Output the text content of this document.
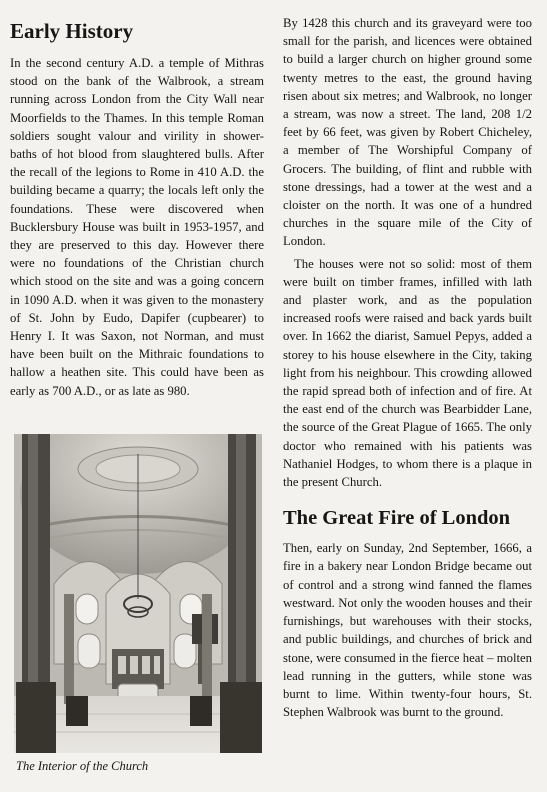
Early History

In the second century A.D. a temple of Mithras stood on the bank of the Walbrook, a stream running across London from the City Wall near Moorfields to the Thames. In this temple Roman soldiers sought valour and virility in shower-baths of hot blood from slaughtered bulls. After the recall of the legions to Rome in 410 A.D. the building became a quarry; the locals left only the foundations. These were discovered when Bucklersbury House was built in 1953-1957, and they are preserved to this day. However there were no foundations of the Christian church which stood on the site and was a going concern in 1090 A.D. when it was given to the monastery of St. John by Eudo, Dapifer (cupbearer) to Henry I. It was Saxon, not Norman, and must have been built on the Mithraic foundations to hallow a heathen site. This could have been as early as 700 A.D., or as late as 980.

The Interior of the Church

By 1428 this church and its graveyard were too small for the parish, and licences were obtained to build a larger church on higher ground some twenty metres to the east, the ground having risen about six metres; and Walbrook, no longer a stream, was now a street. The land, 208 1/2 feet by 66 feet, was given by Robert Chicheley, a member of The Worshipful Company of Grocers. The building, of flint and rubble with stone dressings, had a tower at the west and a cloister on the north. It was one of a hundred churches in the square mile of the City of London.

The houses were not so solid: most of them were built on timber frames, infilled with lath and plaster work, and as the population increased roofs were raised and back yards built over. In 1662 the diarist, Samuel Pepys, added a storey to his house elsewhere in the City, taking light from his neighbour. This crowding allowed the rapid spread both of infection and of fire. At the east end of the church was Bearbidder Lane, the source of the Great Plague of 1665. The only doctor who remained with his patients was Nathaniel Hodges, to whom there is a plaque in the present Church.

The Great Fire of London

Then, early on Sunday, 2nd September, 1666, a fire in a bakery near London Bridge became out of control and a strong wind fanned the flames westward. Not only the wooden houses and their furnishings, but warehouses with their stocks, and public buildings, and churches of brick and stone, were consumed in the fierce heat – molten lead running in the gutters, while stone was burnt to lime. Within twenty-four hours, St. Stephen Walbrook was burnt to the ground.
